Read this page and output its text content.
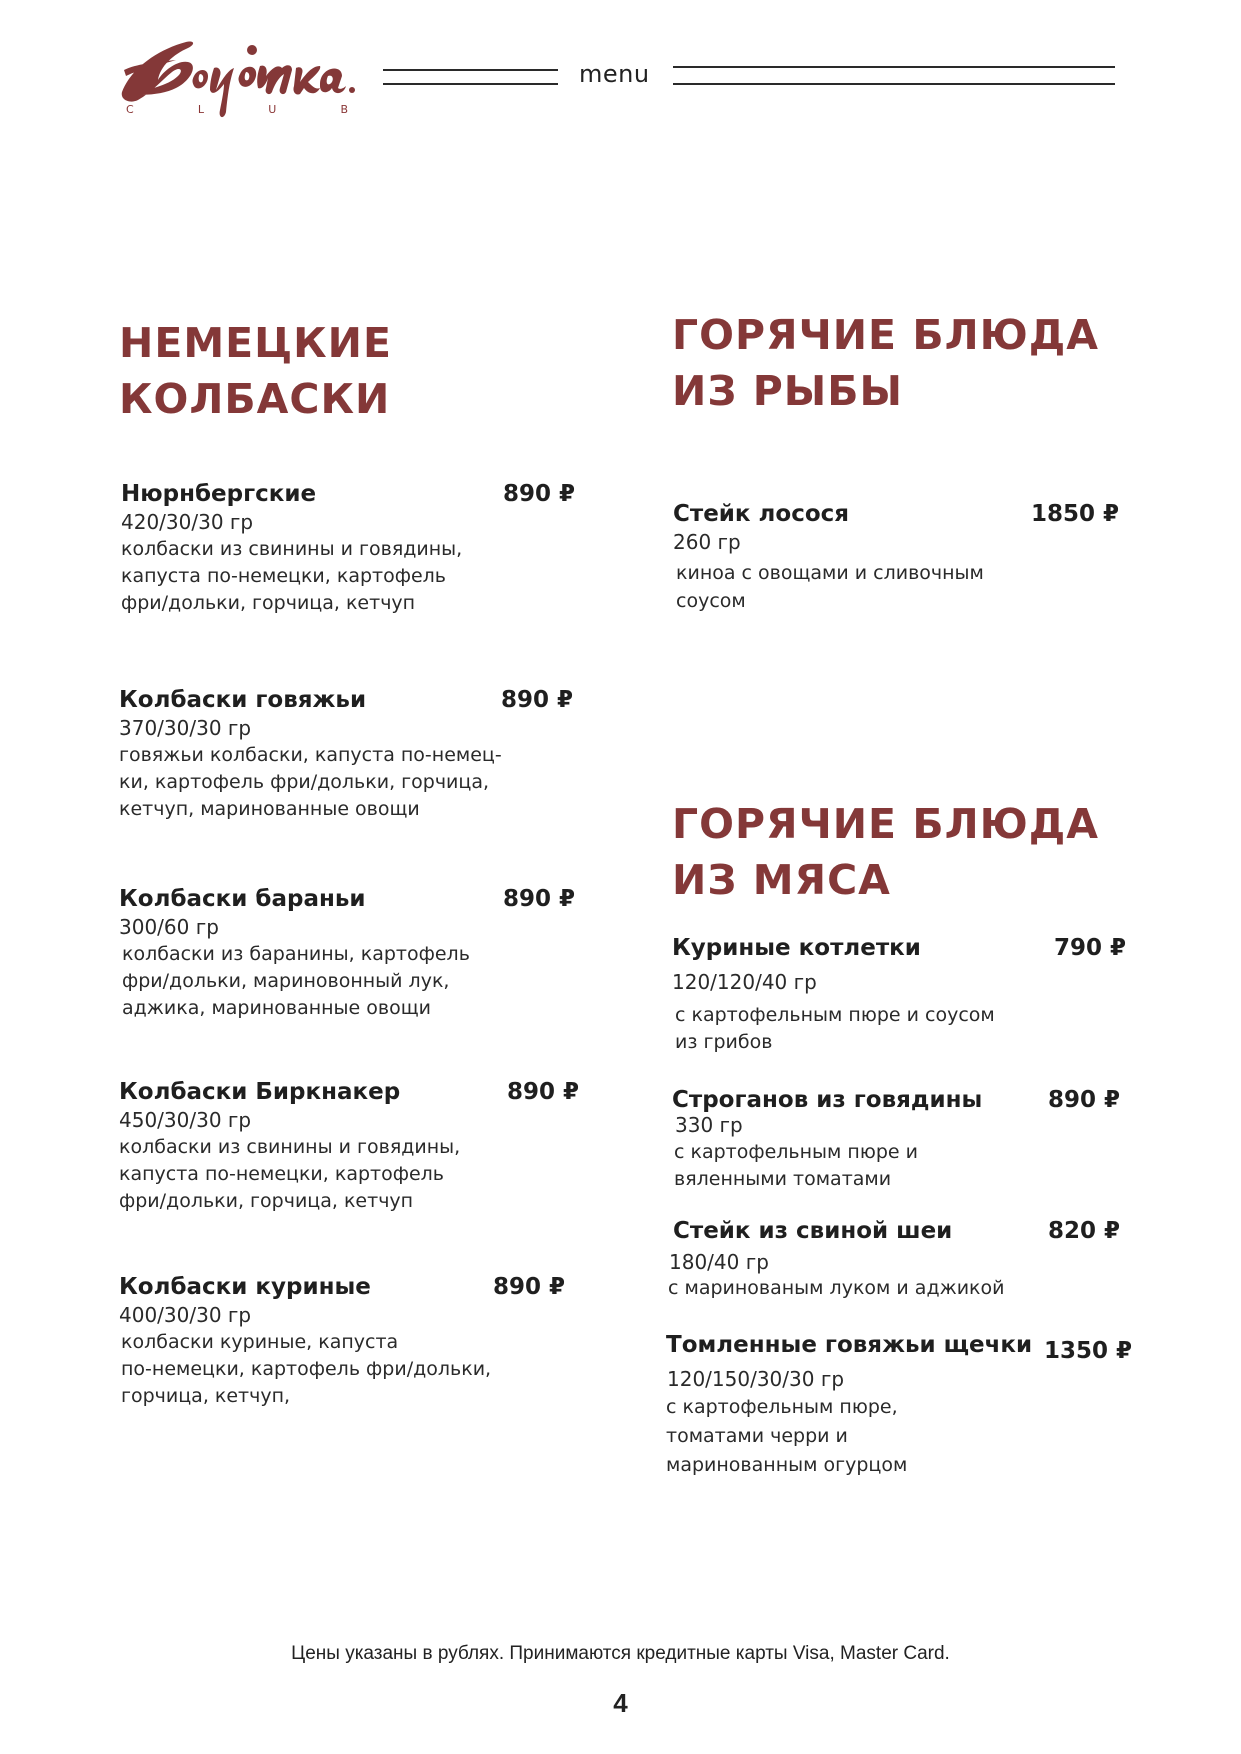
C	L	U	B
menu
НЕМЕЦКИЕ
КОЛБАСКИ
Нюрнбергские	890 ₽
420/30/30 гр
колбаски из свинины и говядины,
капуста по-немецки, картофель
фри/дольки, горчица, кетчуп
Колбаски говяжьи	890 ₽
370/30/30 гр
говяжьи колбаски, капуста по-немец-
ки, картофель фри/дольки, горчица,
кетчуп, маринованные овощи
Колбаски бараньи	890 ₽
300/60 гр
колбаски из баранины, картофель
фри/дольки, мариновонный лук,
аджика, маринованные овощи
Колбаски Биркнакер	890 ₽
450/30/30 гр
колбаски из свинины и говядины,
капуста по-немецки, картофель
фри/дольки, горчица, кетчуп
Колбаски куриные	890 ₽
400/30/30 гр
колбаски куриные, капуста
по-немецки, картофель фри/дольки,
горчица, кетчуп,
ГОРЯЧИЕ БЛЮДА
ИЗ РЫБЫ
Стейк лосося	1850 ₽
260 гр
киноа с овощами и сливочным
соусом
ГОРЯЧИЕ БЛЮДА
ИЗ МЯСА
Куриные котлетки	790 ₽
120/120/40 гр
с картофельным пюре и соусом
из грибов
Строганов из говядины	890 ₽
330 гр
с картофельным пюре и
вяленными томатами
Стейк из свиной шеи	820 ₽
180/40 гр
с маринованым луком и аджикой
Томленные говяжьи щечки 1350 ₽
120/150/30/30 гр
с картофельным пюре,
томатами черри и
маринованным огурцом
Цены указаны в рублях. Принимаются кредитные карты Visa, Master Card.
4
